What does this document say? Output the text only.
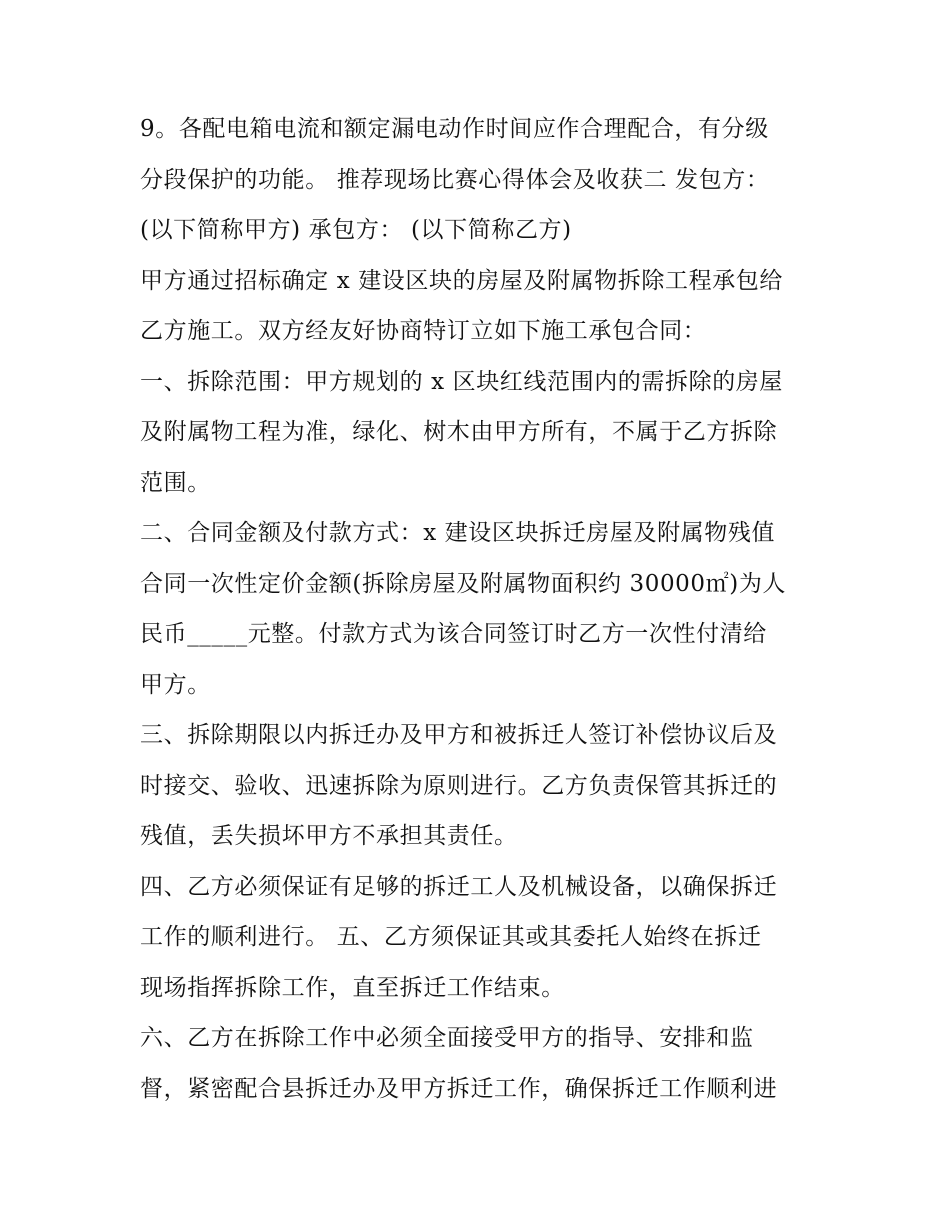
9。各配电箱电流和额定漏电动作时间应作合理配合，有分级
分段保护的功能。 推荐现场比赛心得体会及收获二 发包方：
(以下简称甲方) 承包方： (以下简称乙方)
甲方通过招标确定 x 建设区块的房屋及附属物拆除工程承包给
乙方施工。双方经友好协商特订立如下施工承包合同：
一、拆除范围：甲方规划的 x 区块红线范围内的需拆除的房屋
及附属物工程为准，绿化、树木由甲方所有，不属于乙方拆除
范围。
二、合同金额及付款方式：x 建设区块拆迁房屋及附属物残值
合同一次性定价金额(拆除房屋及附属物面积约 30000㎡)为人
民币_____元整。付款方式为该合同签订时乙方一次性付清给
甲方。
三、拆除期限以内拆迁办及甲方和被拆迁人签订补偿协议后及
时接交、验收、迅速拆除为原则进行。乙方负责保管其拆迁的
残值，丢失损坏甲方不承担其责任。
四、乙方必须保证有足够的拆迁工人及机械设备，以确保拆迁
工作的顺利进行。 五、乙方须保证其或其委托人始终在拆迁
现场指挥拆除工作，直至拆迁工作结束。
六、乙方在拆除工作中必须全面接受甲方的指导、安排和监
督，紧密配合县拆迁办及甲方拆迁工作，确保拆迁工作顺利进
